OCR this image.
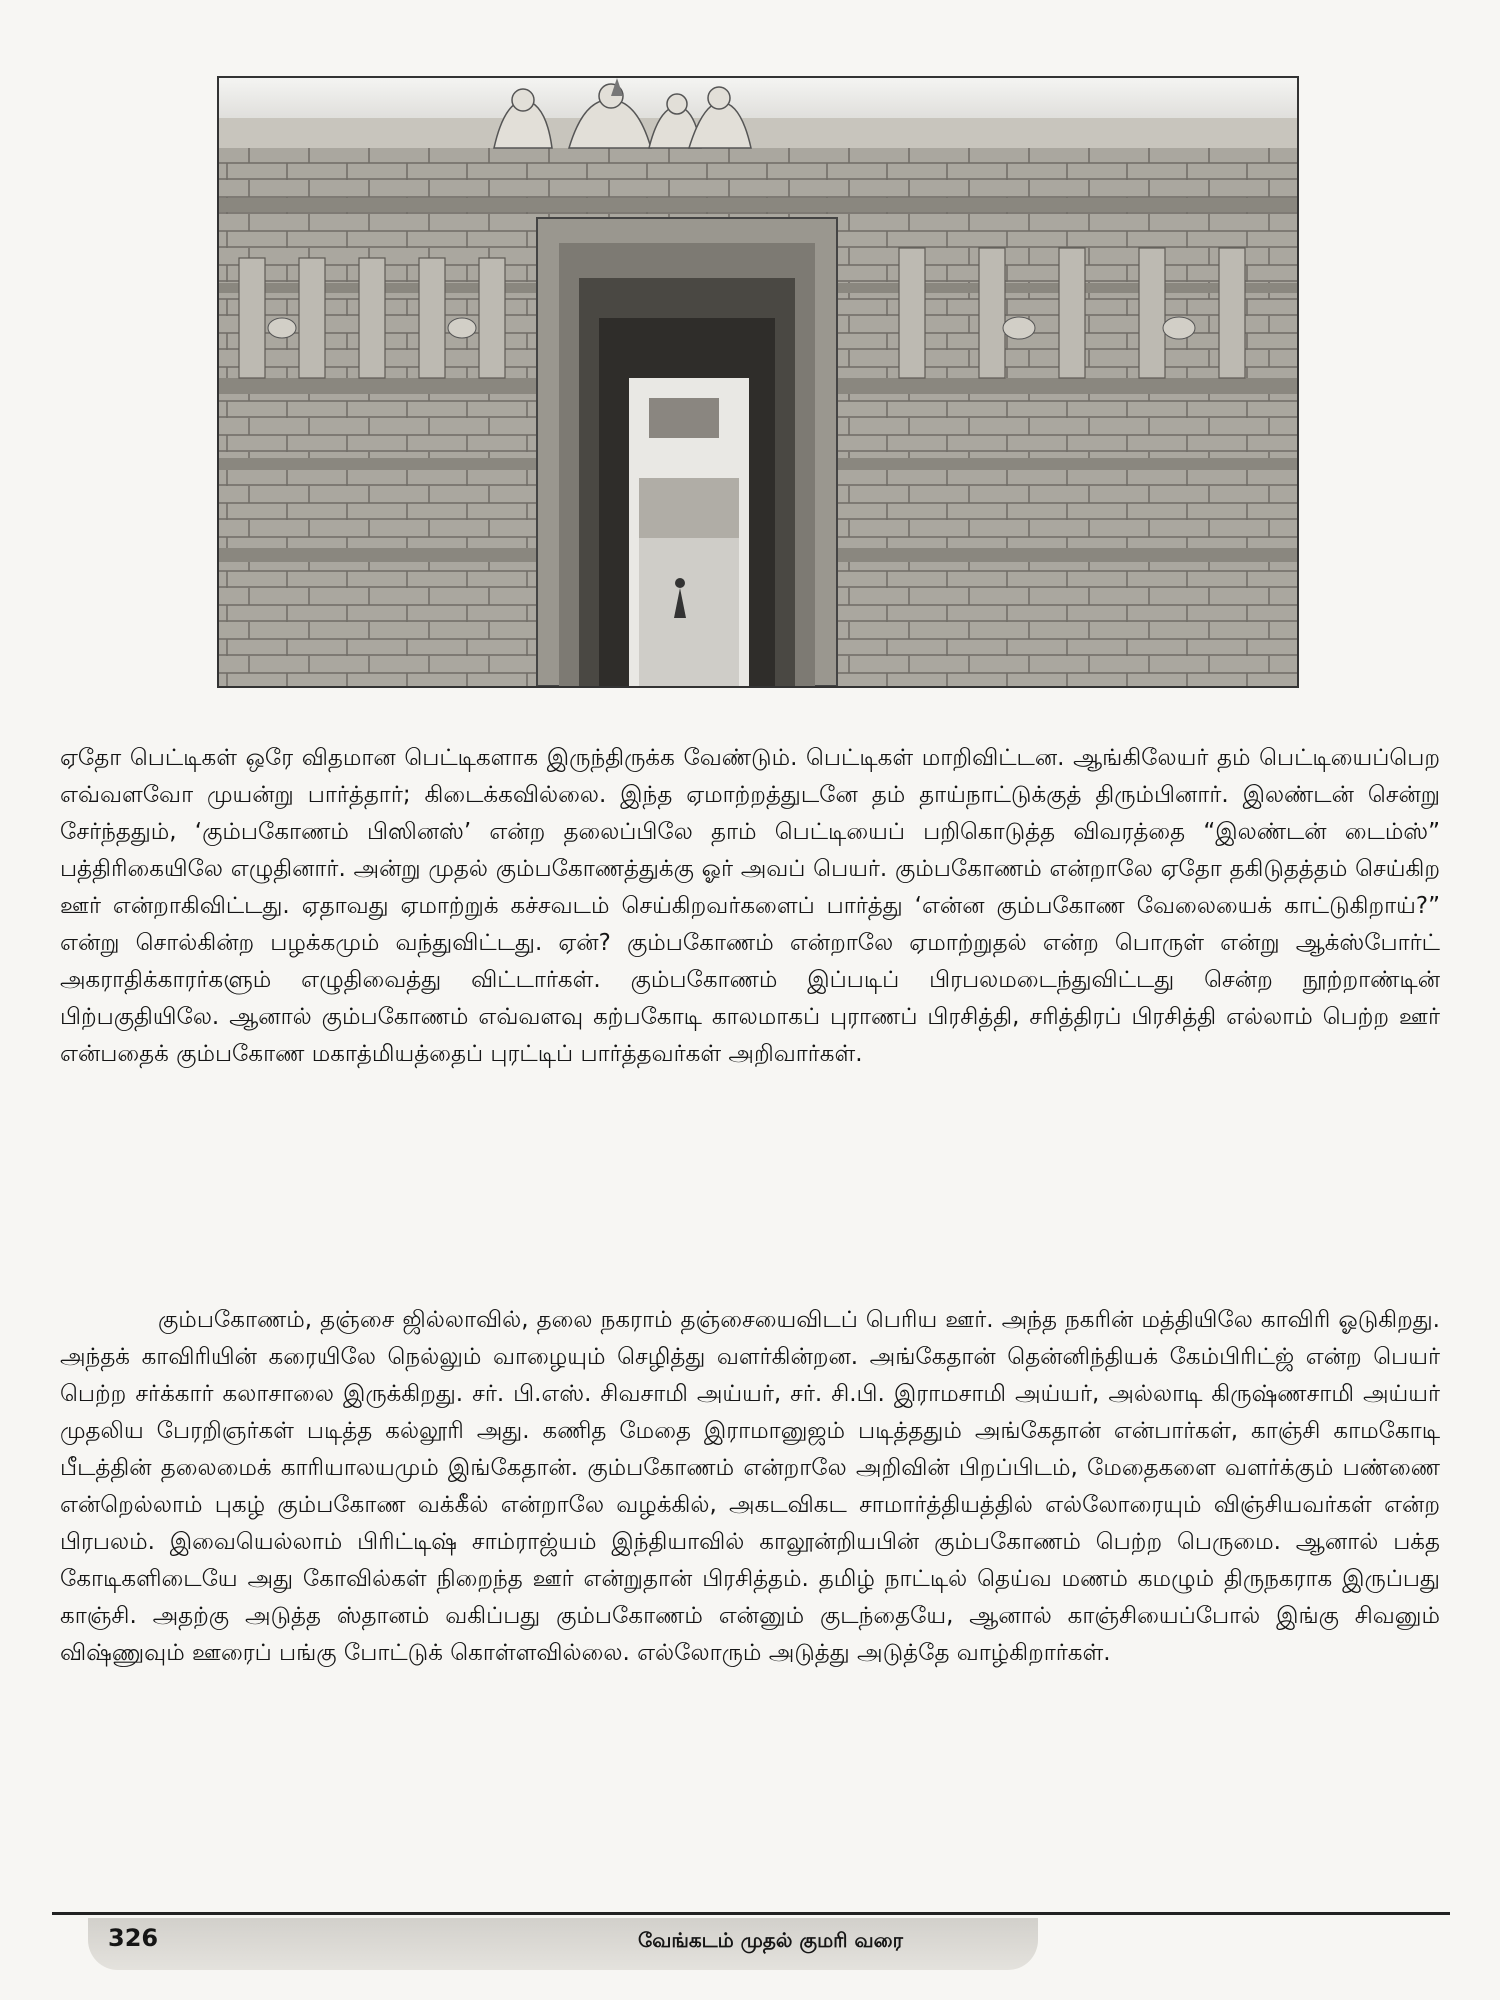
ஏதோ பெட்டிகள் ஒரே விதமான பெட்டிகளாக இருந்திருக்க வேண்டும். பெட்டிகள் மாறிவிட்டன. ஆங்கிலேயர் தம் பெட்டியைப்பெற எவ்வளவோ முயன்று பார்த்தார்; கிடைக்கவில்லை. இந்த ஏமாற்றத்துடனே தம் தாய்நாட்டுக்குத் திரும்பினார். இலண்டன் சென்று சேர்ந்ததும், ‘கும்பகோணம் பிஸினஸ்’ என்ற தலைப்பிலே தாம் பெட்டியைப் பறிகொடுத்த விவரத்தை “இலண்டன் டைம்ஸ்” பத்திரிகையிலே எழுதினார். அன்று முதல் கும்பகோணத்துக்கு ஓர் அவப் பெயர். கும்பகோணம் என்றாலே ஏதோ தகிடுதத்தம் செய்கிற ஊர் என்றாகிவிட்டது. ஏதாவது ஏமாற்றுக் கச்சவடம் செய்கிறவர்களைப் பார்த்து ‘என்ன கும்பகோண வேலையைக் காட்டுகிறாய்?” என்று சொல்கின்ற பழக்கமும் வந்துவிட்டது. ஏன்? கும்பகோணம் என்றாலே ஏமாற்றுதல் என்ற பொருள் என்று ஆக்ஸ்போர்ட் அகராதிக்காரர்களும் எழுதிவைத்து விட்டார்கள். கும்பகோணம் இப்படிப் பிரபலமடைந்துவிட்டது சென்ற நூற்றாண்டின் பிற்பகுதியிலே. ஆனால் கும்பகோணம் எவ்வளவு கற்பகோடி காலமாகப் புராணப் பிரசித்தி, சரித்திரப் பிரசித்தி எல்லாம் பெற்ற ஊர் என்பதைக் கும்பகோண மகாத்மியத்தைப் புரட்டிப் பார்த்தவர்கள் அறிவார்கள்.

கும்பகோணம், தஞ்சை ஜில்லாவில், தலை நகராம் தஞ்சையைவிடப் பெரிய ஊர். அந்த நகரின் மத்தியிலே காவிரி ஓடுகிறது. அந்தக் காவிரியின் கரையிலே நெல்லும் வாழையும் செழித்து வளர்கின்றன. அங்கேதான் தென்னிந்தியக் கேம்பிரிட்ஜ் என்ற பெயர் பெற்ற சர்க்கார் கலாசாலை இருக்கிறது. சர். பி.எஸ். சிவசாமி அய்யர், சர். சி.பி. இராமசாமி அய்யர், அல்லாடி கிருஷ்ணசாமி அய்யர் முதலிய பேரறிஞர்கள் படித்த கல்லூரி அது. கணித மேதை இராமானுஜம் படித்ததும் அங்கேதான் என்பார்கள், காஞ்சி காமகோடி பீடத்தின் தலைமைக் காரியாலயமும் இங்கேதான். கும்பகோணம் என்றாலே அறிவின் பிறப்பிடம், மேதைகளை வளர்க்கும் பண்ணை என்றெல்லாம் புகழ் கும்பகோண வக்கீல் என்றாலே வழக்கில், அகடவிகட சாமார்த்தியத்தில் எல்லோரையும் விஞ்சியவர்கள் என்ற பிரபலம். இவையெல்லாம் பிரிட்டிஷ் சாம்ராஜ்யம் இந்தியாவில் காலூன்றியபின் கும்பகோணம் பெற்ற பெருமை. ஆனால் பக்த கோடிகளிடையே அது கோவில்கள் நிறைந்த ஊர் என்றுதான் பிரசித்தம். தமிழ் நாட்டில் தெய்வ மணம் கமழும் திருநகராக இருப்பது காஞ்சி. அதற்கு அடுத்த ஸ்தானம் வகிப்பது கும்பகோணம் என்னும் குடந்தையே, ஆனால் காஞ்சியைப்போல் இங்கு சிவனும் விஷ்ணுவும் ஊரைப் பங்கு போட்டுக் கொள்ளவில்லை. எல்லோரும் அடுத்து அடுத்தே வாழ்கிறார்கள்.

326	வேங்கடம் முதல் குமரி வரை
